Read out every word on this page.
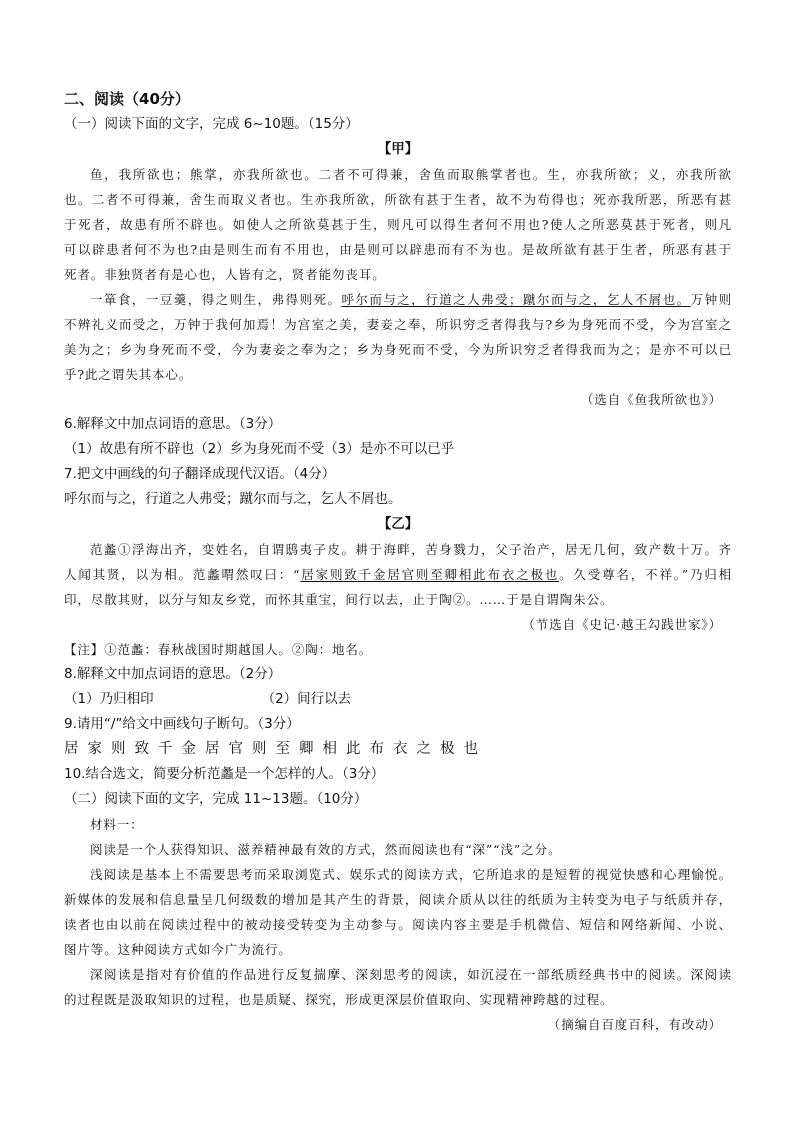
二、阅读（40分）
（一）阅读下面的文字，完成 6~10题。（15分）
【甲】
鱼，我所欲也；熊掌，亦我所欲也。二者不可得兼，舍鱼而取熊掌者也。生，亦我所欲；义，亦我所欲
也。二者不可得兼，舍生而取义者也。生亦我所欲，所欲有甚于生者，故不为苟得也；死亦我所恶，所恶有甚
于死者，故患有所不辟也。如使人之所欲莫甚于生，则凡可以得生者何不用也?使人之所恶莫甚于死者，则凡
可以辟患者何不为也?由是则生而有不用也，由是则可以辟患而有不为也。是故所欲有甚于生者，所恶有甚于
死者。非独贤者有是心也，人皆有之，贤者能勿丧耳。
一箪食，一豆羹，得之则生，弗得则死。呼尔而与之，行道之人弗受；蹴尔而与之，乞人不屑也。万钟则
不辨礼义而受之，万钟于我何加焉！为宫室之美，妻妾之奉，所识穷乏者得我与?乡为身死而不受，今为宫室之
美为之；乡为身死而不受，今为妻妾之奉为之；乡为身死而不受，今为所识穷乏者得我而为之；是亦不可以已
乎?此之谓失其本心。
（选自《鱼我所欲也》）
6.解释文中加点词语的意思。（3分）
（1）故患有所不辟也（2）乡为身死而不受（3）是亦不可以已乎
7.把文中画线的句子翻译成现代汉语。（4分）
呼尔而与之，行道之人弗受；蹴尔而与之，乞人不屑也。
【乙】
范蠡①浮海出齐，变姓名，自谓鸱夷子皮。耕于海畔，苦身戮力，父子治产，居无几何，致产数十万。齐
人闻其贤，以为相。范蠡喟然叹曰：“居家则致千金居官则至卿相此布衣之极也。久受尊名，不祥。”乃归相
印，尽散其财，以分与知友乡党，而怀其重宝，间行以去，止于陶②。……于是自谓陶朱公。
（节选自《史记·越王勾践世家》）
【注】①范蠡：春秋战国时期越国人。②陶：地名。
8.解释文中加点词语的意思。（2分）
（1）乃归相印	（2）间行以去
9.请用“/”给文中画线句子断句。（3分）
居家则致千金居官则至卿相此布衣之极也
10.结合选文，简要分析范蠡是一个怎样的人。（3分）
（二）阅读下面的文字，完成 11~13题。（10分）
材料一：
阅读是一个人获得知识、滋养精神最有效的方式，然而阅读也有“深”“浅”之分。
浅阅读是基本上不需要思考而采取浏览式、娱乐式的阅读方式，它所追求的是短暂的视觉快感和心理愉悦。
新媒体的发展和信息量呈几何级数的增加是其产生的背景，阅读介质从以往的纸质为主转变为电子与纸质并存，
读者也由以前在阅读过程中的被动接受转变为主动参与。阅读内容主要是手机微信、短信和网络新闻、小说、
图片等。这种阅读方式如今广为流行。
深阅读是指对有价值的作品进行反复揣摩、深刻思考的阅读，如沉浸在一部纸质经典书中的阅读。深阅读
的过程既是汲取知识的过程，也是质疑、探究，形成更深层价值取向、实现精神跨越的过程。
（摘编自百度百科，有改动）
